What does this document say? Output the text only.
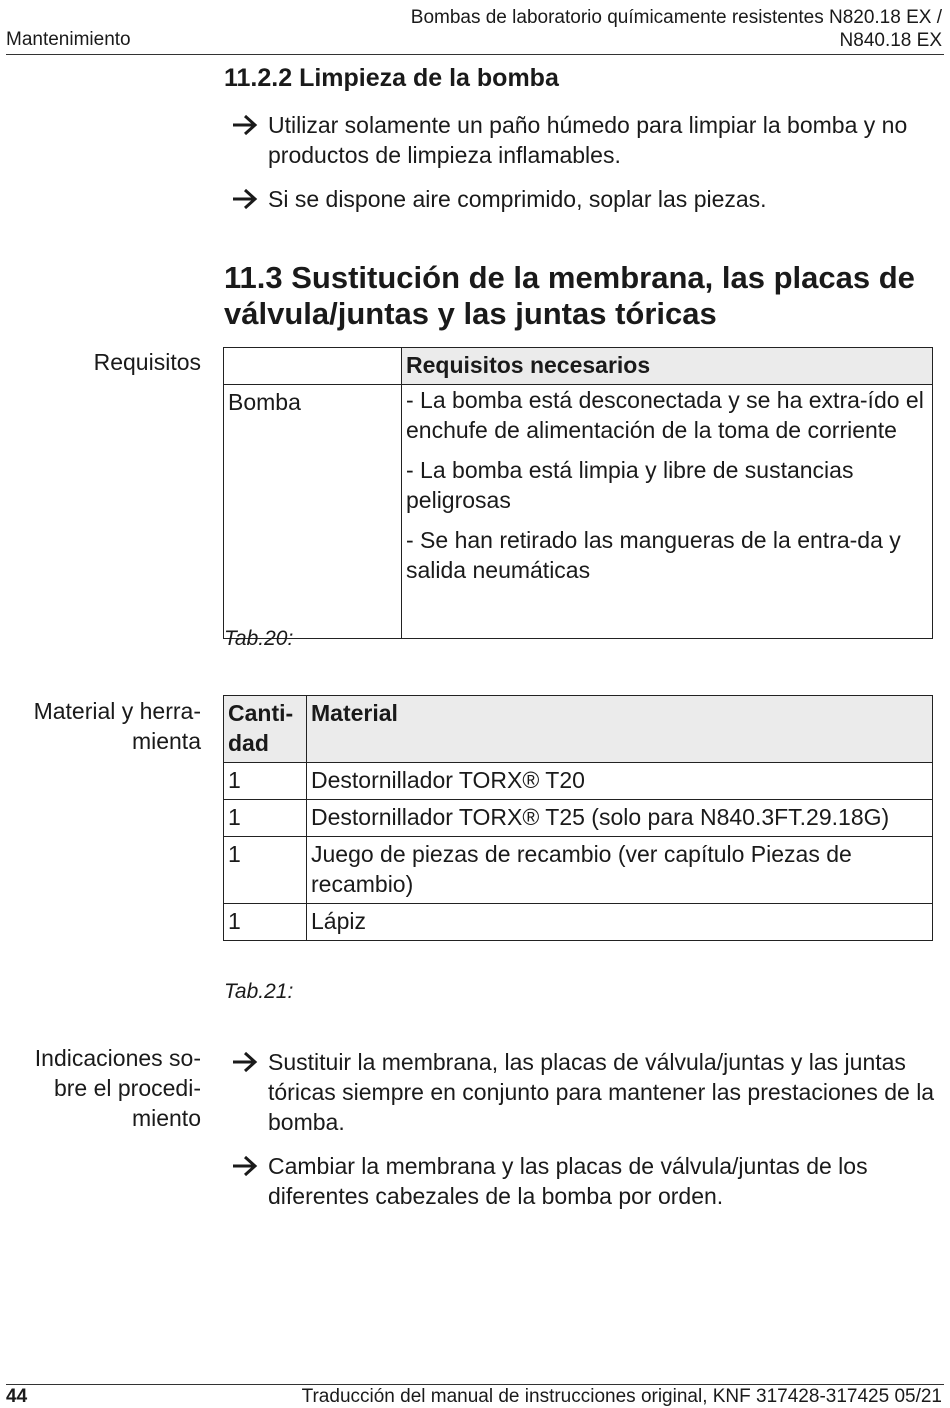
Mantenimiento
Bombas de laboratorio químicamente resistentes N820.18 EX /
N840.18 EX
11.2.2 Limpieza de la bomba
Utilizar solamente un paño húmedo para limpiar la bomba y no productos de limpieza inflamables.
Si se dispone aire comprimido, soplar las piezas.
11.3 Sustitución de la membrana, las placas de válvula/juntas y las juntas tóricas
Requisitos
		Requisitos necesarios
Bomba	- La bomba está desconectada y se ha extra-ído el enchufe de alimentación de la toma de corriente
- La bomba está limpia y libre de sustancias peligrosas
- Se han retirado las mangueras de la entra-da y salida neumáticas
Tab.20:
Material y herra-
mienta
Canti-
dad	Material
1	Destornillador TORX® T20
1	Destornillador TORX® T25 (solo para N840.3FT.29.18G)
1	Juego de piezas de recambio (ver capítulo Piezas de recambio)
1	Lápiz
Tab.21:
Indicaciones so-
bre el procedi-
miento
Sustituir la membrana, las placas de válvula/juntas y las juntas tóricas siempre en conjunto para mantener las prestaciones de la bomba.
Cambiar la membrana y las placas de válvula/juntas de los diferentes cabezales de la bomba por orden.
44	Traducción del manual de instrucciones original, KNF 317428-317425 05/21
